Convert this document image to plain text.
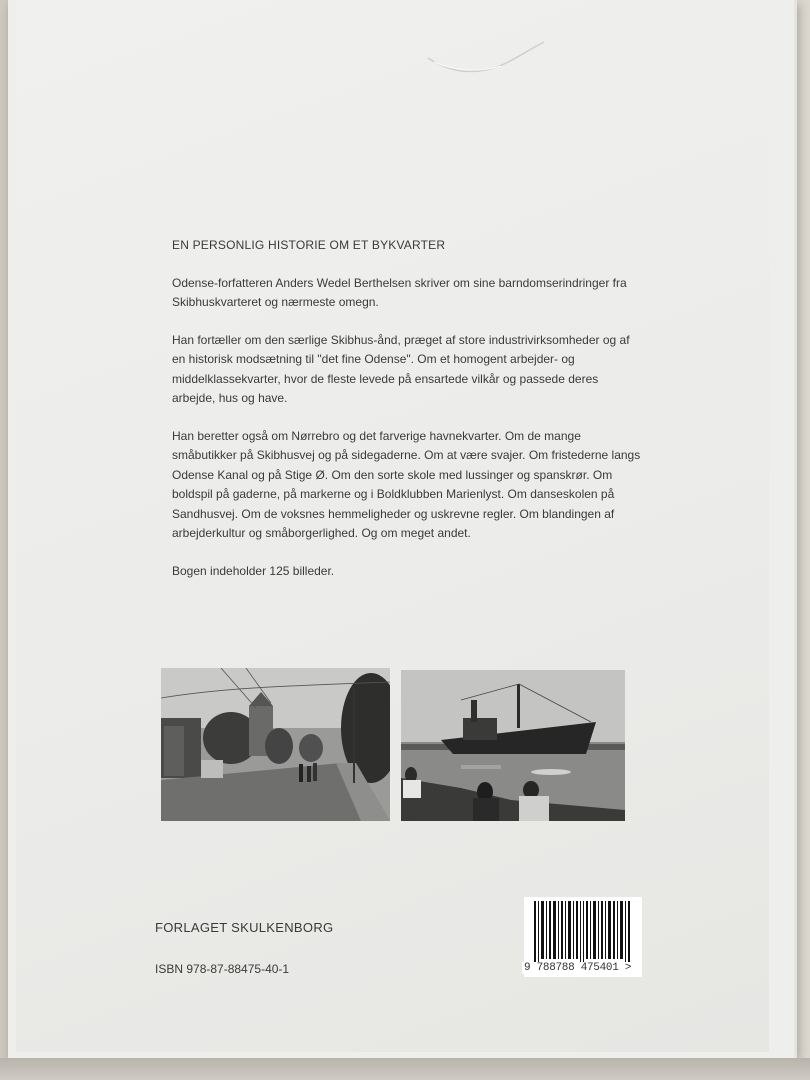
EN PERSONLIG HISTORIE OM ET BYKVARTER

Odense-forfatteren Anders Wedel Berthelsen skriver om sine barndomserindringer fra Skibhuskvarteret og nærmeste omegn.

Han fortæller om den særlige Skibhus-ånd, præget af store industrivirksomheder og af en historisk modsætning til "det fine Odense". Om et homogent arbejder- og middelklassekvarter, hvor de fleste levede på ensartede vilkår og passede deres arbejde, hus og have.

Han beretter også om Nørrebro og det farverige havnekvarter. Om de mange småbutikker på Skibhusvej og på sidegaderne. Om at være svajer. Om fristederne langs Odense Kanal og på Stige Ø. Om den sorte skole med lussinger og spanskrør. Om boldspil på gaderne, på markerne og i Boldklubben Marienlyst. Om danseskolen på Sandhusvej. Om de voksnes hemmeligheder og uskrevne regler. Om blandingen af arbejderkultur og småborgerlighed. Og om meget andet.

Bogen indeholder 125 billeder.

FORLAGET SKULKENBORG
ISBN 978-87-88475-40-1	9 788788 475401 >
